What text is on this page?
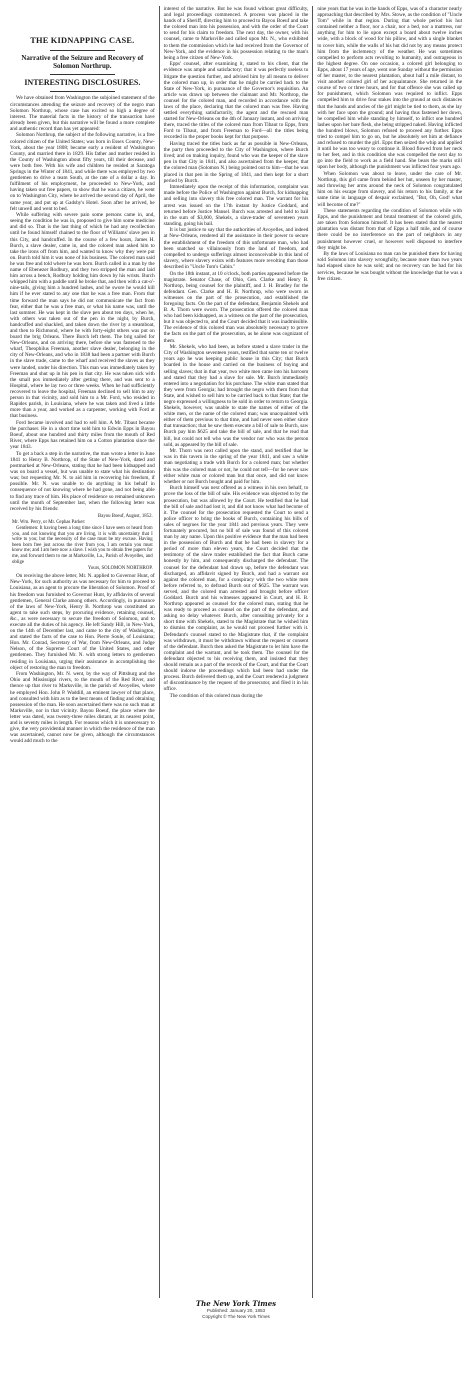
THE KIDNAPPING CASE.
Narrative of the Seizure and Recovery of Solomon Northrup.
INTERESTING DISCLOSURES.

We have obtained from Washington the subjoined statement of the circumstances attending the seizure and recovery of the negro man Solomon Northrup, whose case has excited so high a degree of interest. The material facts in the history of the transaction have already been given, but this narrative will be found a more complete and authentic record than has yet appeared:

Solomon Northrup, the subject of the following narrative, is a free colored citizen of the United States; was born in Essex County, New-York, about the year 1808; became early a resident of Washington County, and married there in 1829. His father and mother resided in the County of Washington about fifty years, till their decease, and were both free. With his wife and children he resided at Saratoga Springs in the Winter of 1841, and while there was employed by two gentlemen to drive a team South, at the rate of a dollar a day. In fulfilment of his employment, he proceeded to New-York, and having taken out free papers, to show that he was a citizen, he went on to Washington City, where he arrived the second day of April, the same year, and put up at Gadsby's Hotel. Soon after he arrived, he felt unwell and went to bed.

While suffering with severe pain some persons came in, and, seeing the condition he was in, proposed to give him some medicine and did so. That is the last thing of which he had any recollection until he found himself chained to the floor of Williams' slave pen in this City, and handcuffed. In the course of a few hours, James H. Burch, a slave dealer, came in, and the colored man asked him to take the irons off from him, and wanted to know why they were put on. Burch told him it was none of his business. The colored man said he was free and told where he was born. Burch called in a man by the name of Ebenezer Rodbury, and they two stripped the man and laid him across a bench, Rodbury holding him down by his wrists. Burch whipped him with a paddle until he broke that, and then with a cat-o'-nine-tails, giving him a hundred lashes, and he swore he would kill him if he ever stated to any one that he was a free man. From that time forward the man says he did not communicate the fact from fear, either that he was a free man, or what his name was, until the last summer. He was kept in the slave pen about ten days, when he, with others was taken out of the pen in the night, by Burch, handcuffed and shackled, and taken down the river by a steamboat, and then to Richmond, where he with forty-eight others was put on board the brig Orleans. There Burch left them. The brig sailed for New-Orleans, and on arriving there, before she was fastened to the wharf, Theophilus Freeman, another slave dealer, belonging in the city of New-Orleans, and who in 1838 had been a partner with Burch in the slave trade, came to the wharf and received the slaves as they were landed, under his direction. This man was immediately taken by Freeman and shut up in his pen in that city. He was taken sick with the small pox immediately after getting there, and was sent to a Hospital, where he lay two or three weeks. When he had sufficiently recovered to leave the hospital, Freeman declined to sell him to any person in that vicinity, and sold him to a Mr. Ford, who resided in Rapides parish, in Louisiana, where he was taken and lived a little more than a year, and worked as a carpenter, working with Ford at that business.

Ford became involved and had to sell him. A Mr. Tibaut became the purchaser. He in a short time sold him to Edwin Epps in Bayou Boeuf, about one hundred and thirty miles from the mouth of Red River, where Epps has retained him on a Cotton plantation since the year 1843.

To get a back a step in the narrative, the man wrote a letter in June 1841 to Henry B. Northrop, of the State of New-York, dated and postmarked at New-Orleans, stating that he had been kidnapped and was on board a vessel, but was unable to state what his destination was; but requesting Mr. N. to aid him in recovering his freedom, if possible. Mr. N. was unable to do anything in his behalf in consequence of not knowing where he had gone, and not being able to find any trace of him. His place of residence so remained unknown until the month of September last, when the following letter was received by his friends:

Bayou Boeuf, August, 1852.

Mr. Wm. Perry, or Mr. Cephas Parker:

Gentlemen: It having been a long time since I have seen or heard from you, and not knowing that you are living, it is with uncertainty that I write to you; but the necessity of the case must be my excuse. Having been born free just across the river from you, I am certain you must know me; and I am here now a slave. I wish you to obtain free papers for me, and forward them to me at Marksville, La., Parish of Avoyelles, and oblige

Yours, SOLOMON NORTHROP.

On receiving the above letter, Mr. N. applied to Governor Hunt, of New-York, for such authority as was necessary for him to proceed to Louisiana, as an agent to procure the liberation of Solomon. Proof of his freedom was furnished to Governor Hunt, by affidavits of several gentlemen, General Clarke among others. Accordingly, in pursuance of the laws of New-York, Henry B. Northrop was constituted an agent to take such steps, by procuring evidence, retaining counsel, &c., as were necessary to secure the freedom of Solomon, and to execute all the duties of his agency. He left Sandy Hill, in New-York, on the 14th of December last, and came to the city of Washington, and stated the facts of the case to Hon. Pierre Soule, of Louisiana; Hon. Mr. Conrad, Secretary of War, from New-Orleans, and Judge Nelson, of the Supreme Court of the United States, and other gentlemen. They furnished Mr. N. with strong letters to gentlemen residing in Louisiana, urging their assistance in accomplishing the object of restoring the man to freedom.

From Washington, Mr. N. went, by the way of Pittsburg and the Ohio and Mississippi rivers, to the mouth of the Red River, and thence up that river to Marksville, in the parish of Avoyelles, where he employed Hon. John P. Waddill, an eminent lawyer of that place, and consulted with him as to the best means of finding and obtaining possession of the man. He soon ascertained there was no such man at Marksville, nor in that vicinity. Bayou Boeuf, the place where the letter was dated, was twenty-three miles distant, at its nearest point, and is seventy miles in length. For reasons which it is unnecessary to give, the very providential manner in which the residence of the man was ascertained, cannot now be given, although the circumstances would add much to the

interest of the narrative. But he was found without great difficulty, and legal proceedings commenced. A process was placed in the hands of a Sheriff, directing him to proceed to Bayou Boeuf and take the colored man into his possession, and with the order of the Court to send for his claim to freedom. The next day, the owner, with his counsel, came to Marksville and called upon Mr. N., who exhibited to them the commission which he had received from the Governor of New-York, and the evidence in his possession relating to the man's being a free citizen of New-York.

Epps' counsel, after examining it, stated to his client, that the evidence was ample and satisfactory; that it was perfectly useless to litigate the question further, and advised him by all means to deliver the colored man up, in order that he might be carried back to the State of New-York, in pursuance of the Governor's requisition. An article was drawn up between the claimant and Mr. Northrop, the counsel for the colored man, and recorded in accordance with the laws of the place, declaring that the colored man was free. Having settled everything satisfactorily, the agent and the rescued man started for New-Orleans on the 4th of January instant, and on arriving there, traced the titles of the colored man from Tibaut to Epps, from Ford to Tibaut, and from Freeman to Ford—all the titles being recorded in the proper books kept for that purpose.

Having traced the titles back as far as possible in New-Orleans, the party then proceeded to the City of Washington, where Burch lived; and on making inquiry, found who was the keeper of the slave pen in that City in 1841, and also ascertained from the keeper, that the colored man (Solomon N.) being pointed out to him—that he was placed in that pen in the Spring of 1841, and then kept for a short period by Burch.

Immediately upon the receipt of this information, complaint was made before the Police of Washington against Burch, for kidnapping and selling into slavery this free colored man. The warrant for his arrest was issued on the 17th instant by Justice Goddard, and returned before Justice Mansel. Burch was arrested and held to bail in the sum of $3,000, Shekels, a slave-trader of seventeen years standing, going his bail.

It is but justice to say that the authorities of Avoyelles, and indeed at New-Orleans, rendered all the assistance in their power to secure the establishment of the freedom of this unfortunate man, who had been snatched so villainously from the land of freedom, and compelled to undergo sufferings almost inconceivable in this land of slavery, where slavery exists with features more revolting than those described in "Uncle Tom's Cabin."

On the 18th instant, at 10 o'clock, both parties appeared before the magistrate. Senator Chase, of Ohio, Gen. Clarke and Henry B. Northrop, being counsel for the plaintiff, and J. H. Bradley for the defendant. Gen. Clarke and H. B. Northrup, who were sworn as witnesses on the part of the prosecution, and established the foregoing facts. On the part of the defendant, Benjamin Shekels and B. A. Thorn were sworn. The prosecution offered the colored man who had been kidnapped, as a witness on the part of the prosecution, but it was objected to, and the Court decided that it was inadmissible. The evidence of this colored man was absolutely necessary to prove the facts on the part of the prosecution, as he alone was cognizant of them.

Mr. Shekels, who had been, as before stated a slave trader in the City of Washington seventeen years, testified that some ten or twelve years ago he was keeping public house in this City; that Burch boarded in the house and carried on the business of buying and selling slaves; that in that year, two white men came into his barroom and stated that they had a slave for sale. Mr. Burch immediately entered into a negotiation for his purchase. The white man stated that they were from Georgia; had brought the negro with them from that State, and wished to sell him to be carried back to that State; that the negro expressed a willingness to be sold in order to return to Georgia. Shekels, however, was unable to state the names of either of the white men, or the name of the colored man; was unacquainted with either of them previous to that time, and had never seen either since that transaction; that he saw them execute a bill of sale to Burch, saw Burch pay him $625 and take the bill of sale, and that he read that bill, but could not tell who was the vendor nor who was the person sold, as appeared by the bill of sale.

Mr. Thorn was next called upon the stand, and testified that he was in this tavern in the spring of the year 1841, and saw a white man negotiating a trade with Burch for a colored man; but whether this was the colored man or not, he could not tell—for he never saw either white man or colored man but that once, and did not know whether or not Burch bought and paid for him.

Burch himself was next offered as a witness in his own behalf, to prove the loss of the bill of sale. His evidence was objected to by the prosecution, but was allowed by the Court. He testified that he had the bill of sale and had lost it, and did not know what had become of it. The counsel for the prosecution requested the Court to send a police officer to bring the books of Burch, containing his bills of sales of negroes for the year 1841 and previous years. They were fortunately procured, but no bill of sale was found of this colored man by any name. Upon this positive evidence that the man had been in the possession of Burch and that he had been in slavery for a period of more than eleven years, the Court decided that the testimony of the slave trader established the fact that Burch came honestly by him, and consequently discharged the defendant. The counsel for the defendant had drawn up, before the defendant was discharged, an affidavit signed by Burch, and had a warrant out against the colored man, for a conspiracy with the two white men before referred to, to defraud Burch out of $625. The warrant was served, and the colored man arrested and brought before officer Goddard. Burch and his witnesses appeared in Court, and H. B. Northrop appeared as counsel for the colored man, stating that he was ready to proceed as counsel on the part of the defendant, and asking no delay whatever. Burch, after consulting privately for a short time with Shekels, stated to the Magistrate that he wished him to dismiss the complaint, as he would not proceed further with it. Defendant's counsel stated to the Magistrate that, if the complaint was withdrawn, it must be withdrawn without the request or consent of the defendant. Burch then asked the Magistrate to let him have the complaint and the warrant, and he took them. The counsel for the defendant objected to his receiving them, and insisted that they should remain as a part of the records of the Court, and that the Court should indorse the proceedings which had been had under the process. Burch delivered them up, and the Court rendered a judgment of discontinuance by the request of the prosecutor, and filed it in his office.

The condition of this colored man during the

nine years that he was in the hands of Epps, was of a character nearly approaching that described by Mrs. Stowe, as the condition of "Uncle Tom" while in that region. During that whole period his hut contained neither a floor, nor a chair, nor a bed, nor a mattress, nor anything for him to lie upon except a board about twelve inches wide, with a block of wood for his pillow, and with a single blanket to cover him, while the walls of his hut did not by any means protect him from the inclemency of the weather. He was sometimes compelled to perform acts revolting to humanity, and outrageous in the highest degree. On one occasion, a colored girl belonging to Epps, about 17 years of age, went one Sunday without the permission of her master, to the nearest plantation, about half a mile distant, to visit another colored girl of her acquaintance. She returned in the course of two or three hours, and for that offence she was called up for punishment, which Solomon was required to inflict. Epps compelled him to drive four stakes into the ground at such distances that the hands and ancles of the girl might be tied to them, as she lay with her face upon the ground; and having thus fastened her down, he compelled him while standing by himself, to inflict one hundred lashes upon her bare flesh, she being stripped naked. Having inflicted the hundred blows, Solomon refused to proceed any further. Epps tried to compel him to go on, but he absolutely set him at defiance and refused to murder the girl. Epps then seized the whip and applied it until he was too weary to continue it. Blood flowed from her neck to her feet, and in this condition she was compelled the next day to go into the field to work as a field hand. She bears the marks still upon her body, although the punishment was inflicted four years ago.

When Solomon was about to leave, under the care of Mr. Northrup, this girl came from behind her hut, unseen by her master, and throwing her arms around the neck of Solomon congratulated him on his escape from slavery, and his return to his family, at the same time in language of despair exclaimed, "But, Oh, God! what will become of me?"

These statements regarding the condition of Solomon while with Epps, and the punishment and brutal treatment of the colored girls, are taken from Solomon himself. It has been stated that the nearest plantation was distant from that of Epps a half mile, and of course there could be no interference on the part of neighbors in any punishment however cruel, or however well disposed to interfere they might be.

By the laws of Louisiana no man can be punished there for having sold Solomon into slavery wrongfully, because more than two years had elapsed since he was sold; and no recovery can be had for his services, because he was bought without the knowledge that he was a free citizen.

The New York Times
Published: January 20, 1853
Copyright © The New York Times
